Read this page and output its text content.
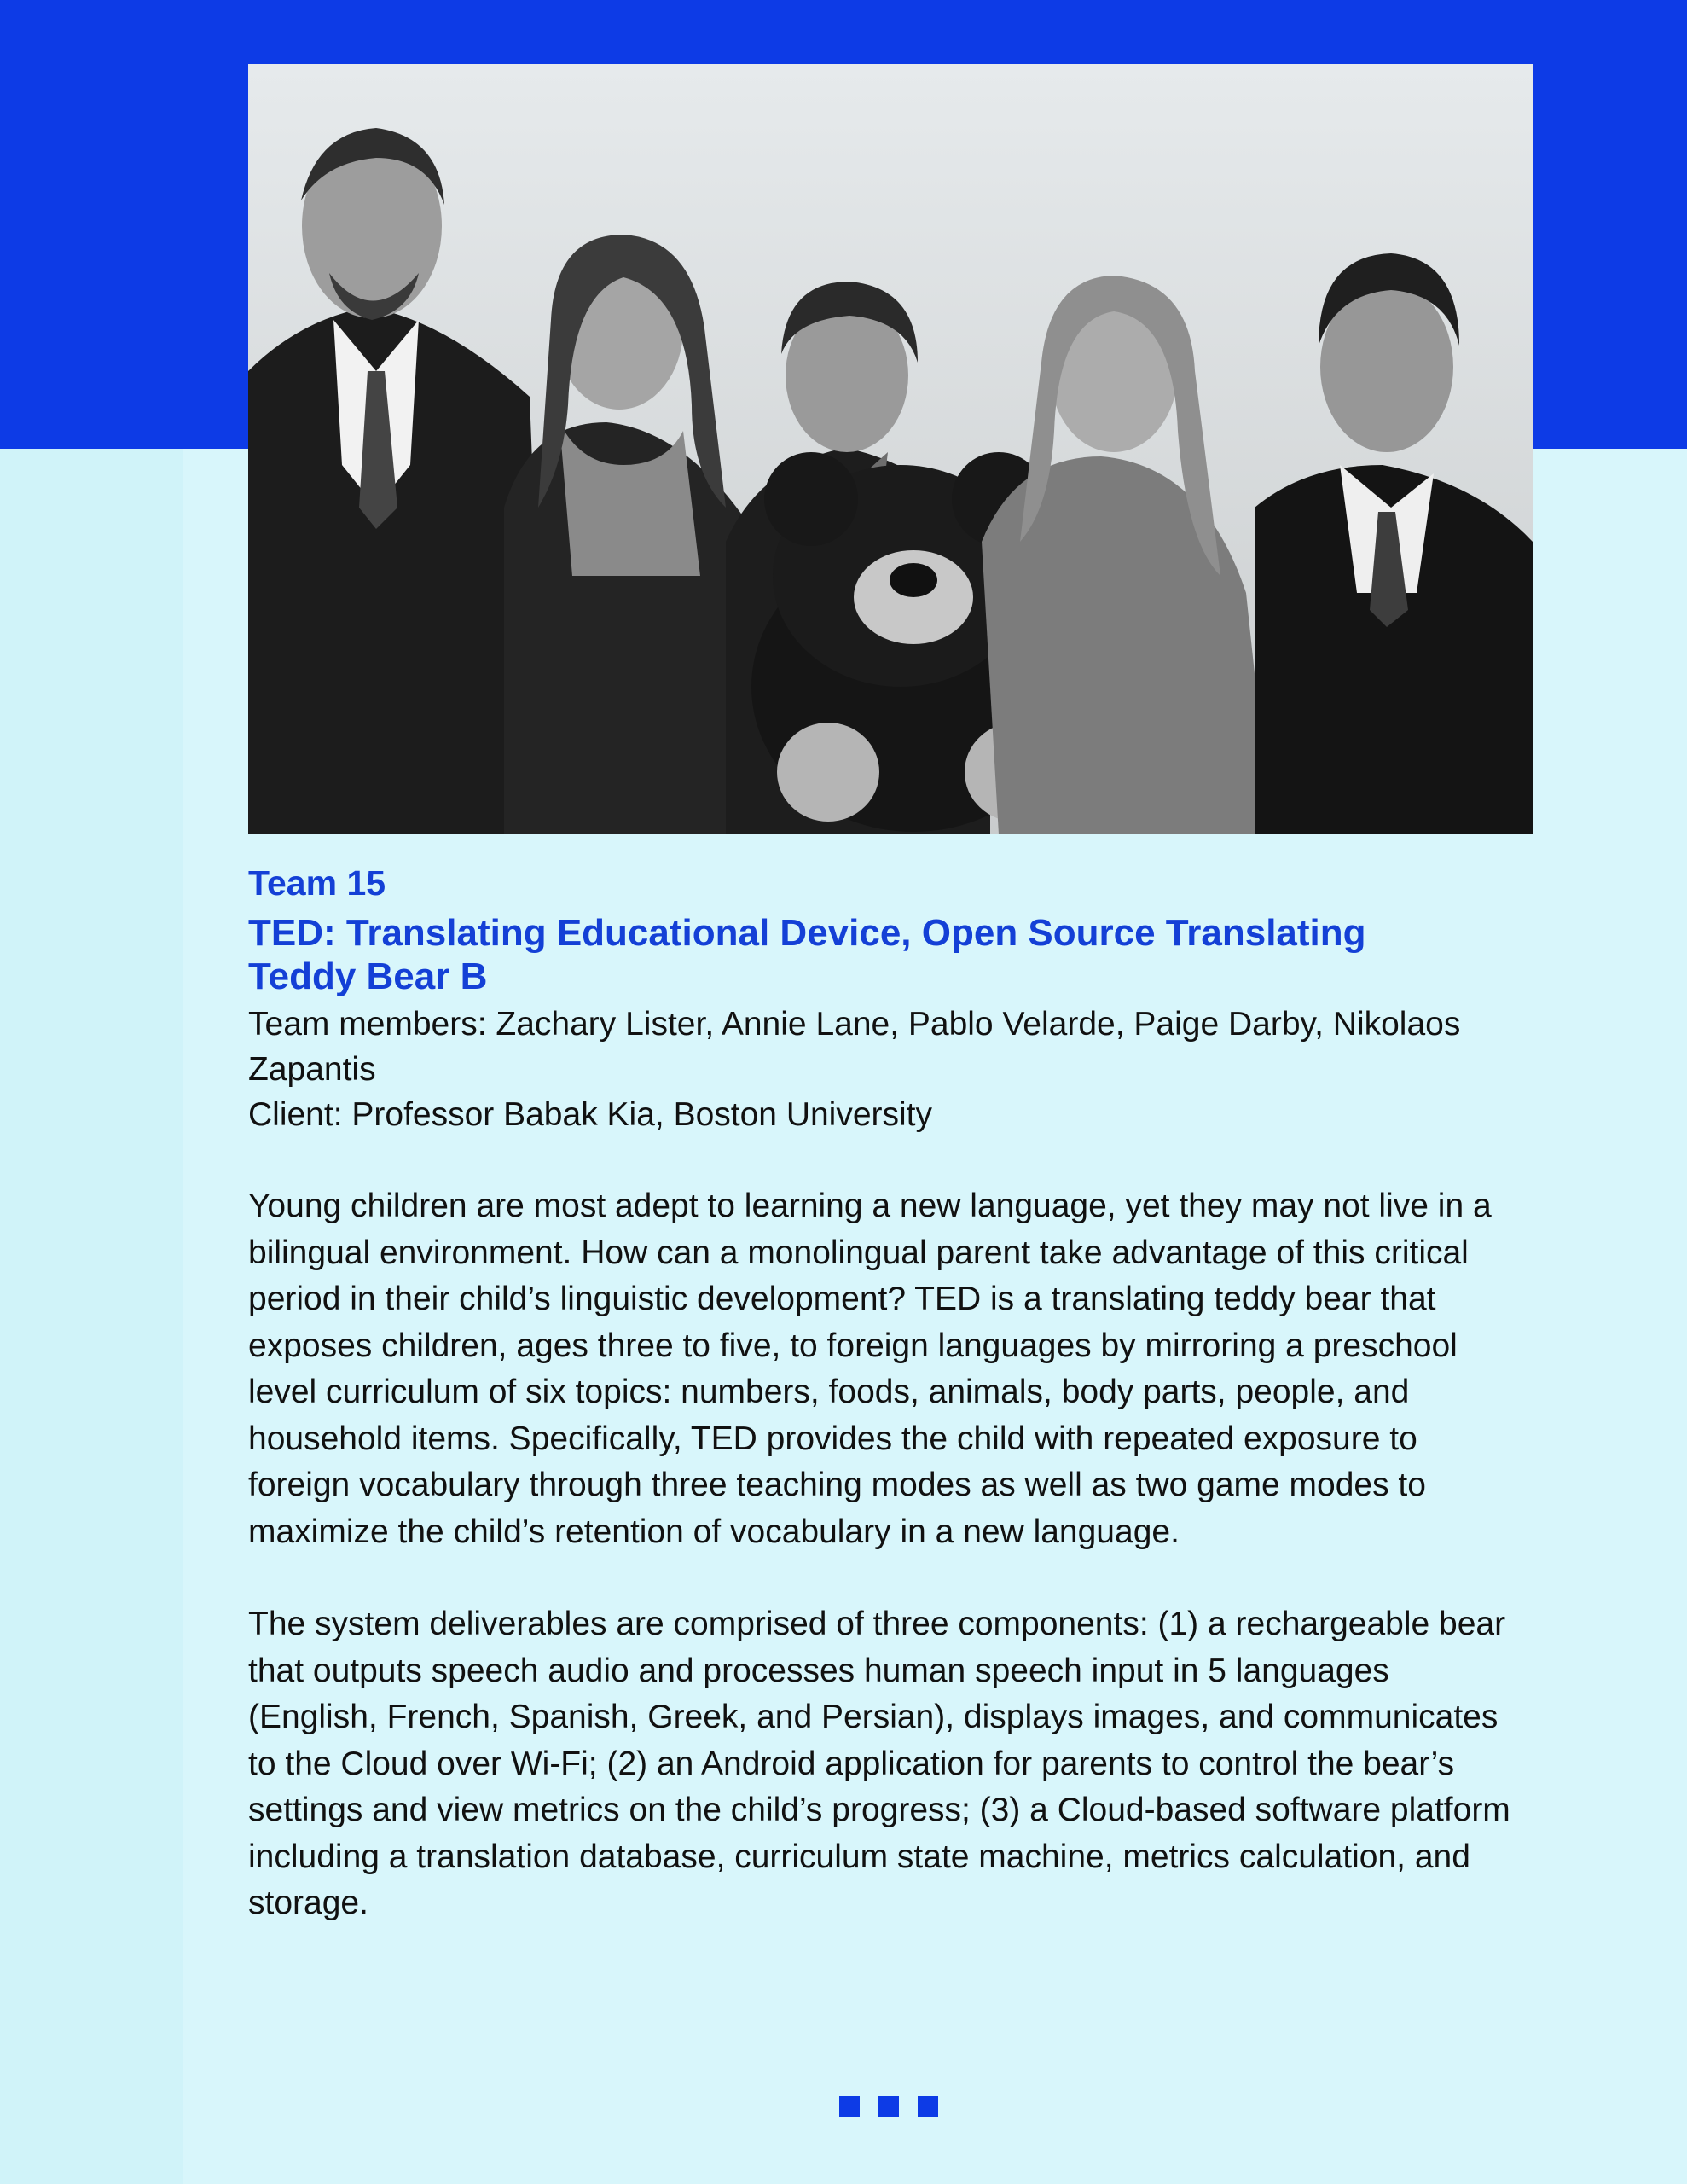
Team 15

TED: Translating Educational Device, Open Source Translating Teddy Bear B

Team members: Zachary Lister, Annie Lane, Pablo Velarde, Paige Darby, Nikolaos Zapantis

Client: Professor Babak Kia, Boston University

Young children are most adept to learning a new language, yet they may not live in a bilingual environment. How can a monolingual parent take advantage of this critical period in their child’s linguistic development? TED is a translating teddy bear that exposes children, ages three to five, to foreign languages by mirroring a preschool level curriculum of six topics: numbers, foods, animals, body parts, people, and household items. Specifically, TED provides the child with repeated exposure to foreign vocabulary through three teaching modes as well as two game modes to maximize the child’s retention of vocabulary in a new language.

The system deliverables are comprised of three components: (1) a rechargeable bear that outputs speech audio and processes human speech input in 5 languages (English, French, Spanish, Greek, and Persian), displays images, and communicates to the Cloud over Wi-Fi; (2) an Android application for parents to control the bear’s settings and view metrics on the child’s progress; (3) a Cloud-based software platform including a translation database, curriculum state machine, metrics calculation, and storage.
